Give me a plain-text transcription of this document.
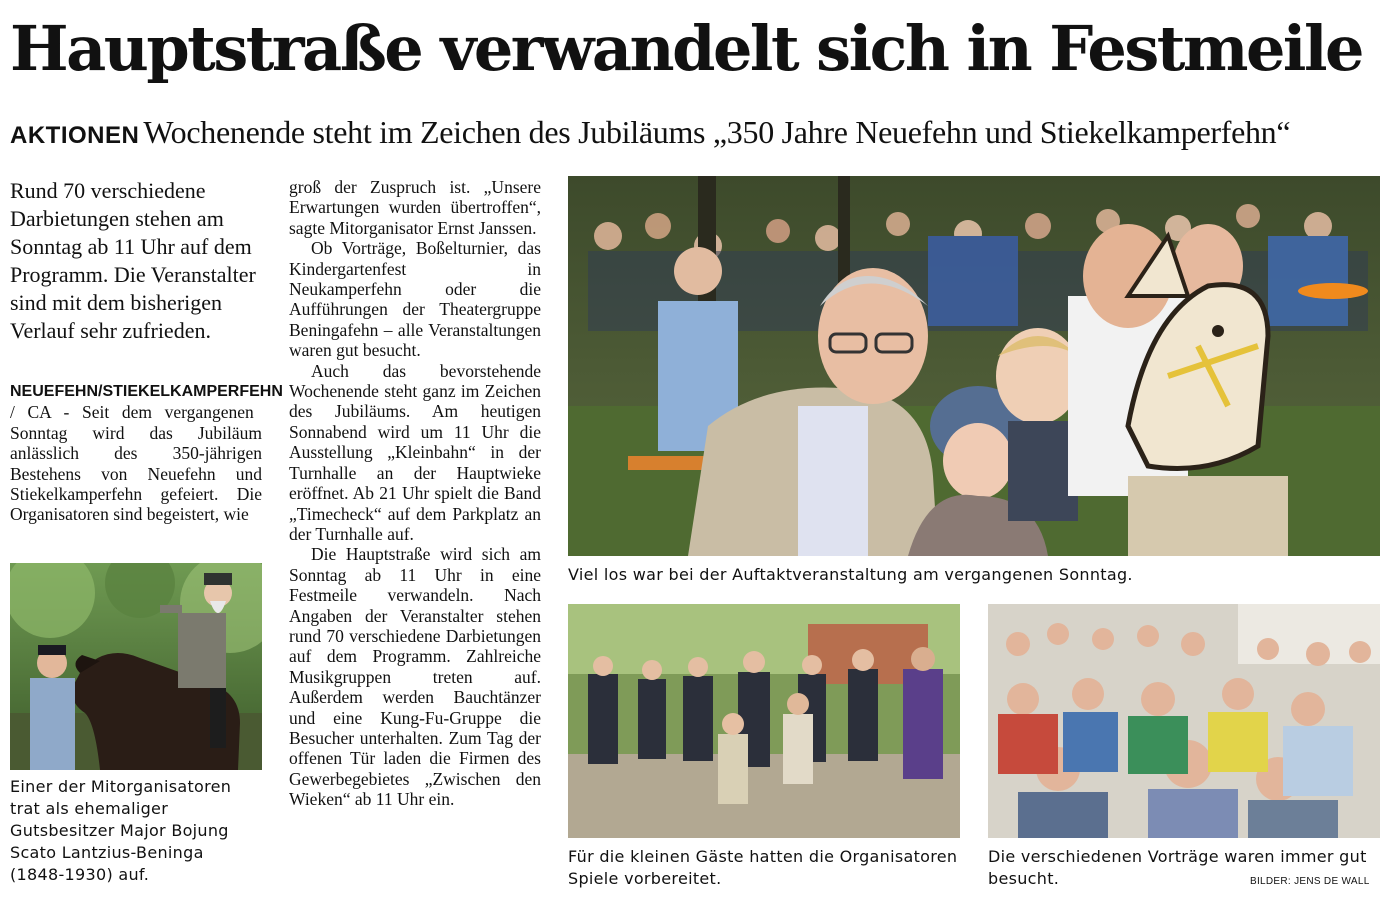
Hauptstraße verwandelt sich in Festmeile
AKTIONEN Wochenende steht im Zeichen des Jubiläums „350 Jahre Neuefehn und Stiekelkamperfehn“
Rund 70 verschiedene Darbietungen stehen am Sonntag ab 11 Uhr auf dem Programm. Die Veranstalter sind mit dem bisherigen Verlauf sehr zufrieden.
NEUEFEHN/STIEKELKAMPERFEHN / CA - Seit dem vergangenen Sonntag wird das Jubiläum anlässlich des 350-jährigen Bestehens von Neuefehn und Stiekelkamperfehn gefeiert. Die Organisatoren sind begeistert, wie

groß der Zuspruch ist. „Unsere Erwartungen wurden übertroffen“, sagte Mitorganisator Ernst Janssen.

Ob Vorträge, Boßelturnier, das Kindergartenfest in Neukamperfehn oder die Aufführungen der Theatergruppe Beningafehn – alle Veranstaltungen waren gut besucht.

Auch das bevorstehende Wochenende steht ganz im Zeichen des Jubiläums. Am heutigen Sonnabend wird um 11 Uhr die Ausstellung „Kleinbahn“ in der Turnhalle an der Hauptwieke eröffnet. Ab 21 Uhr spielt die Band „Timecheck“ auf dem Parkplatz an der Turnhalle auf.

Die Hauptstraße wird sich am Sonntag ab 11 Uhr in eine Festmeile verwandeln. Nach Angaben der Veranstalter stehen rund 70 verschiedene Darbietungen auf dem Programm. Zahlreiche Musikgruppen treten auf. Außerdem werden Bauchtänzer und eine Kung-Fu-Gruppe die Besucher unterhalten. Zum Tag der offenen Tür laden die Firmen des Gewerbegebietes „Zwischen den Wieken“ ab 11 Uhr ein.

Einer der Mitorganisatoren trat als ehemaliger Gutsbesitzer Major Bojung Scato Lantzius-Beninga (1848-1930) auf.
Viel los war bei der Auftaktveranstaltung am vergangenen Sonntag.
Für die kleinen Gäste hatten die Organisatoren Spiele vorbereitet.
Die verschiedenen Vorträge waren immer gut besucht.	BILDER: JENS DE WALL
